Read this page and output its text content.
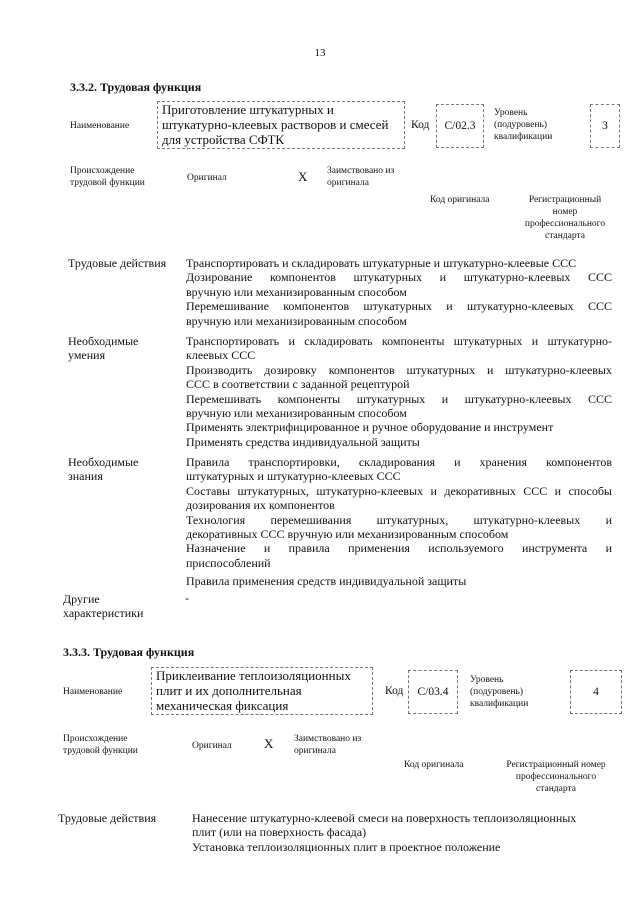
13
3.3.2. Трудовая функция
Наименование
Приготовление штукатурных и
штукатурно-клеевых растворов и смесей
для устройства СФТК
Код	С/02.3
Уровень
(подуровень)
квалификации
3
Происхождение
трудовой функции	Оригинал	X Заимствовано из
оригинала
Код оригинала	Регистрационный
номер
профессионального
стандарта
Трудовые действия Транспортировать и складировать штукатурные и штукатурно-клеевые ССС
Дозирование компонентов штукатурных и штукатурно-клеевых ССС
вручную или механизированным способом
Перемешивание компонентов штукатурных и штукатурно-клеевых ССС
вручную или механизированным способом
Необходимые
умения
Транспортировать и складировать компоненты штукатурных и штукатурно-
клеевых ССС
Производить дозировку компонентов штукатурных и штукатурно-клеевых
ССС в соответствии с заданной рецептурой
Перемешивать компоненты штукатурных и штукатурно-клеевых ССС
вручную или механизированным способом
Применять электрифицированное и ручное оборудование и инструмент
Применять средства индивидуальной защиты
Необходимые
знания
Правила транспортировки, складирования и хранения компонентов
штукатурных и штукатурно-клеевых ССС
Составы штукатурных, штукатурно-клеевых и декоративных ССС и способы
дозирования их компонентов
Технология перемешивания штукатурных, штукатурно-клеевых и
декоративных ССС вручную или механизированным способом
Назначение и правила применения используемого инструмента и
приспособлений
Правила применения средств индивидуальной защиты
Другие
характеристики
-
3.3.3. Трудовая функция
Наименование
Приклеивание теплоизоляционных
плит и их дополнительная
механическая фиксация
Код	С/03.4
Уровень
(подуровень)
квалификации
4
Происхождение
трудовой функции	Оригинал X Заимствовано из
оригинала
Код оригинала	Регистрационный номер
профессионального
стандарта
Трудовые действия	Нанесение штукатурно-клеевой смеси на поверхность теплоизоляционных
плит (или на поверхность фасада)
Установка теплоизоляционных плит в проектное положение
